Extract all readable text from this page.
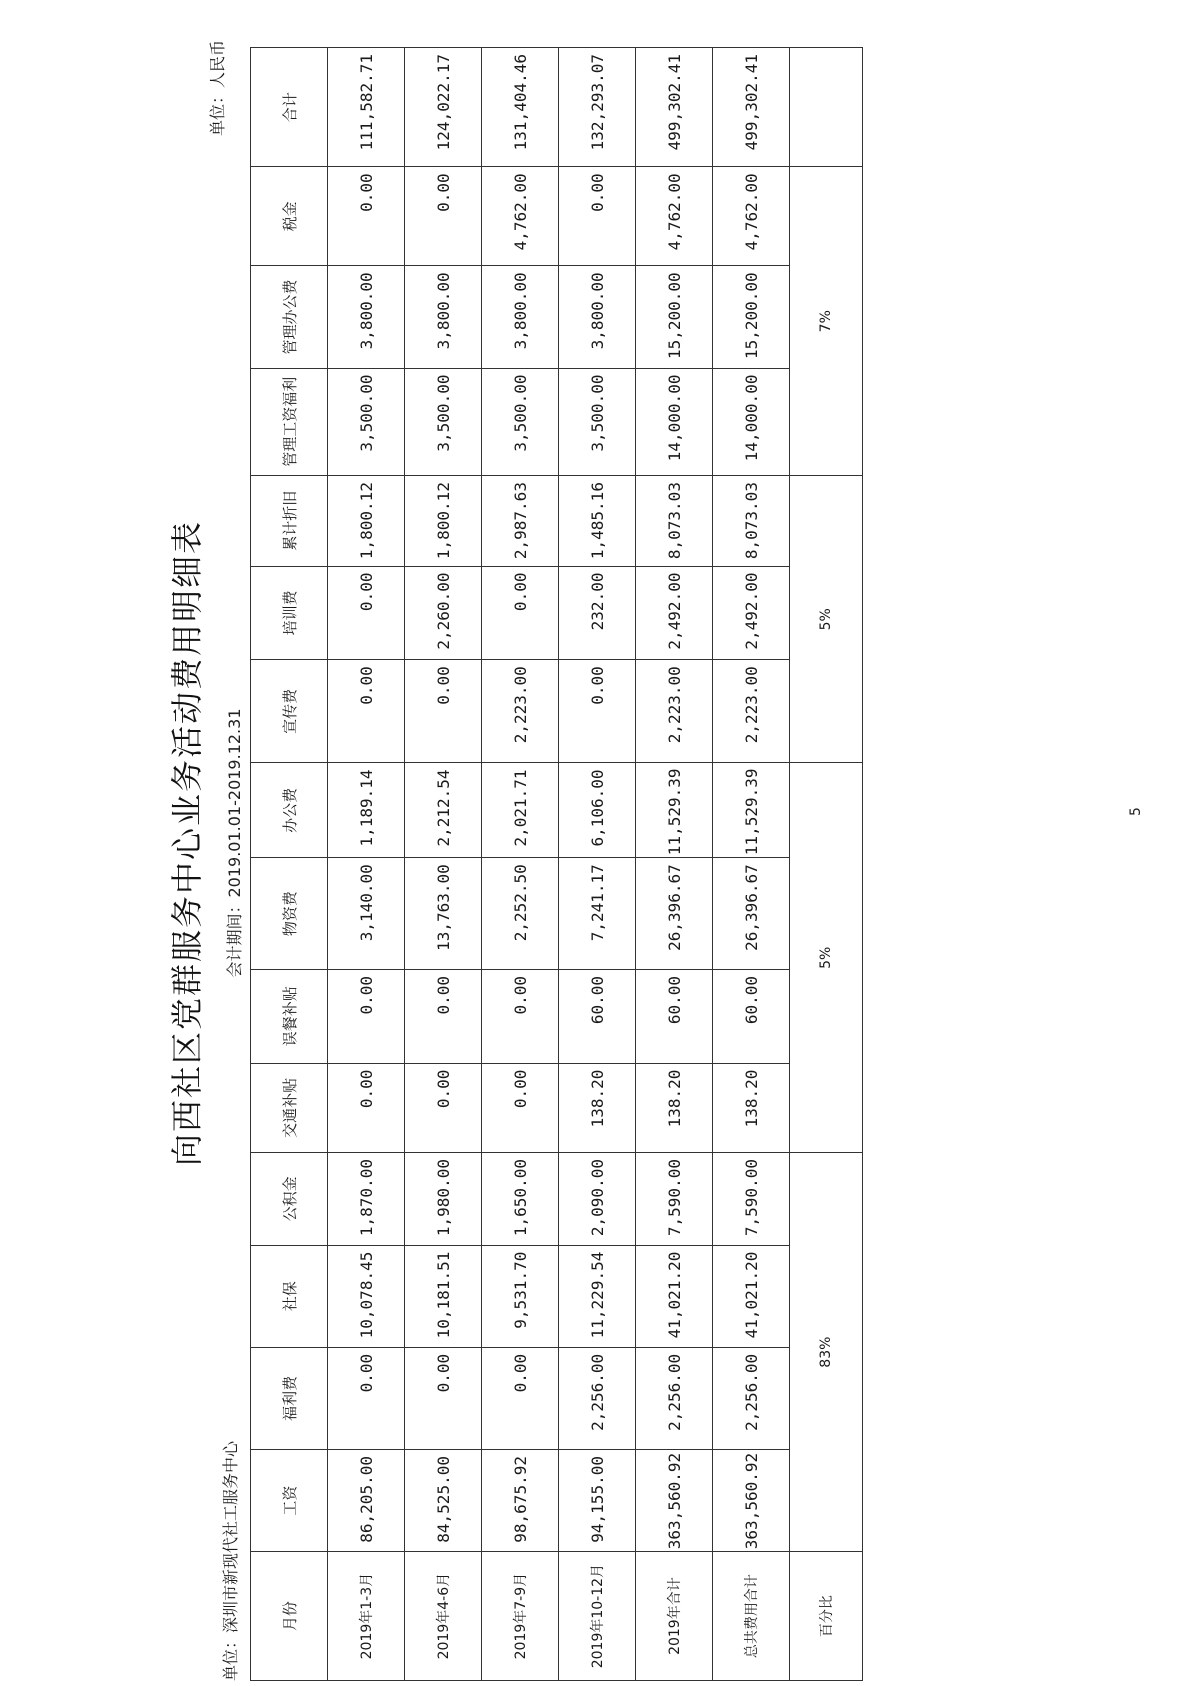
向西社区党群服务中心业务活动费用明细表 会计期间：2019.01.01-2019.12.31
单位：深圳市新现代社工服务中心
单位：人民币
月份	工资	福利费	社保	公积金	交通补贴	误餐补贴	物资费	办公费	宣传费	培训费	累计折旧	管理工资福利	管理办公费	税金	合计
2019年1-3月	86,205.00	0.00	10,078.45	1,870.00	0.00	0.00	3,140.00	1,189.14	0.00	0.00	1,800.12	3,500.00	3,800.00	0.00	111,582.71
2019年4-6月	84,525.00	0.00	10,181.51	1,980.00	0.00	0.00	13,763.00	2,212.54	0.00	2,260.00	1,800.12	3,500.00	3,800.00	0.00	124,022.17
2019年7-9月	98,675.92	0.00	9,531.70	1,650.00	0.00	0.00	2,252.50	2,021.71	2,223.00	0.00	2,987.63	3,500.00	3,800.00	4,762.00	131,404.46
2019年10-12月	94,155.00	2,256.00	11,229.54	2,090.00	138.20	60.00	7,241.17	6,106.00	0.00	232.00	1,485.16	3,500.00	3,800.00	0.00	132,293.07
2019年合计	363,560.92	2,256.00	41,021.20	7,590.00	138.20	60.00	26,396.67	11,529.39	2,223.00	2,492.00	8,073.03	14,000.00	15,200.00	4,762.00	499,302.41
总共费用合计	363,560.92	2,256.00	41,021.20	7,590.00	138.20	60.00	26,396.67	11,529.39	2,223.00	2,492.00	8,073.03	14,000.00	15,200.00	4,762.00	499,302.41
百分比	83%				5%				5%			7%			
5
